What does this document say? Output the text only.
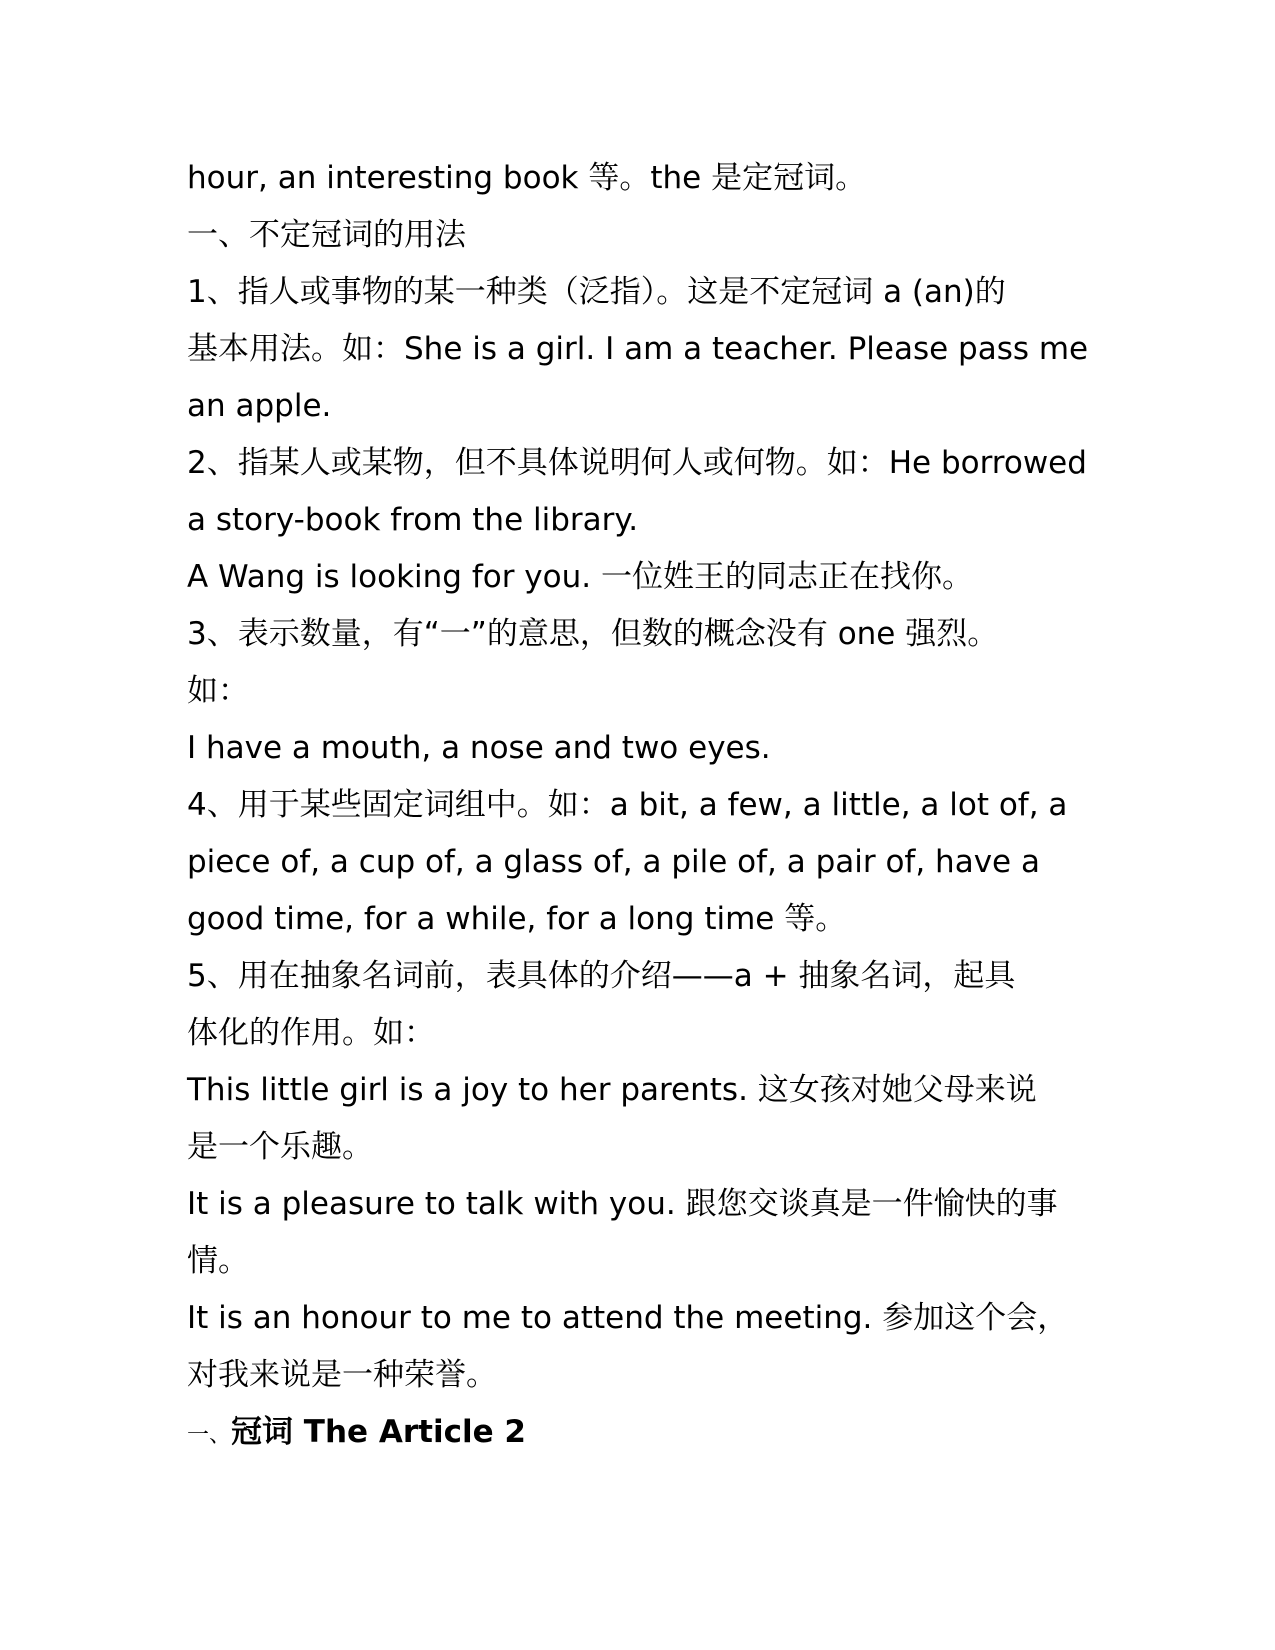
hour, an interesting book 等。the 是定冠词。
一、不定冠词的用法
1、指人或事物的某一种类（泛指）。这是不定冠词 a (an)的
基本用法。如：She is a girl. I am a teacher. Please pass me
an apple.
2、指某人或某物，但不具体说明何人或何物。如：He borrowed
a story-book from the library.
A Wang is looking for you. 一位姓王的同志正在找你。
3、表示数量，有“一”的意思，但数的概念没有 one 强烈。
如：
I have a mouth, a nose and two eyes.
4、用于某些固定词组中。如：a bit, a few, a little, a lot of, a
piece of, a cup of, a glass of, a pile of, a pair of, have a
good time, for a while, for a long time 等。
5、用在抽象名词前，表具体的介绍——a + 抽象名词，起具
体化的作用。如：
This little girl is a joy to her parents. 这女孩对她父母来说
是一个乐趣。
It is a pleasure to talk with you. 跟您交谈真是一件愉快的事
情。
It is an honour to me to attend the meeting. 参加这个会，
对我来说是一种荣誉。
一、冠词 The Article 2
